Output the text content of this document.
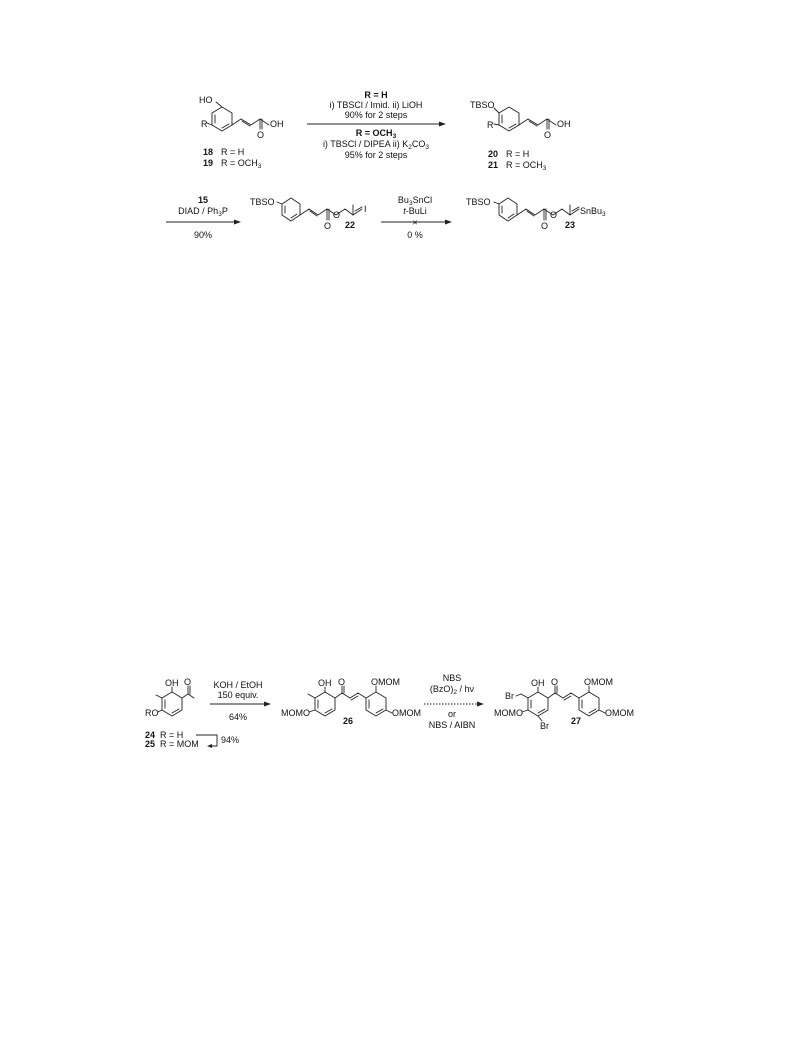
HO
R	OH
O
18 R = H
19 $R = OCH_3$
R = H
i) TBSCl / Imid. ii) LiOH
90% for 2 steps
$R = OCH_3$
i) TBSCl / DIPEA ii) $K_2CO_3$
95% for 2 steps
TBSO
R	OH
O
20 R = H
21 $R = OCH_3$
15
DIAD / $Ph_3P$
90%
TBSO
O
O
I
22
$Bu_3SnCl$
t-BuLi
×
0 %
TBSO
O
O
SnBu$_3$
23
OH O
RO
24 R = H
25 R = MOM 94%
KOH / EtOH
150 equiv.
64%
OH O	OMOM
MOMO	OMOM
26
NBS
$(BzO)_2$ / hν
or
NBS / AIBN
Br
OH O	OMOM
MOMO
Br
OMOM
27
